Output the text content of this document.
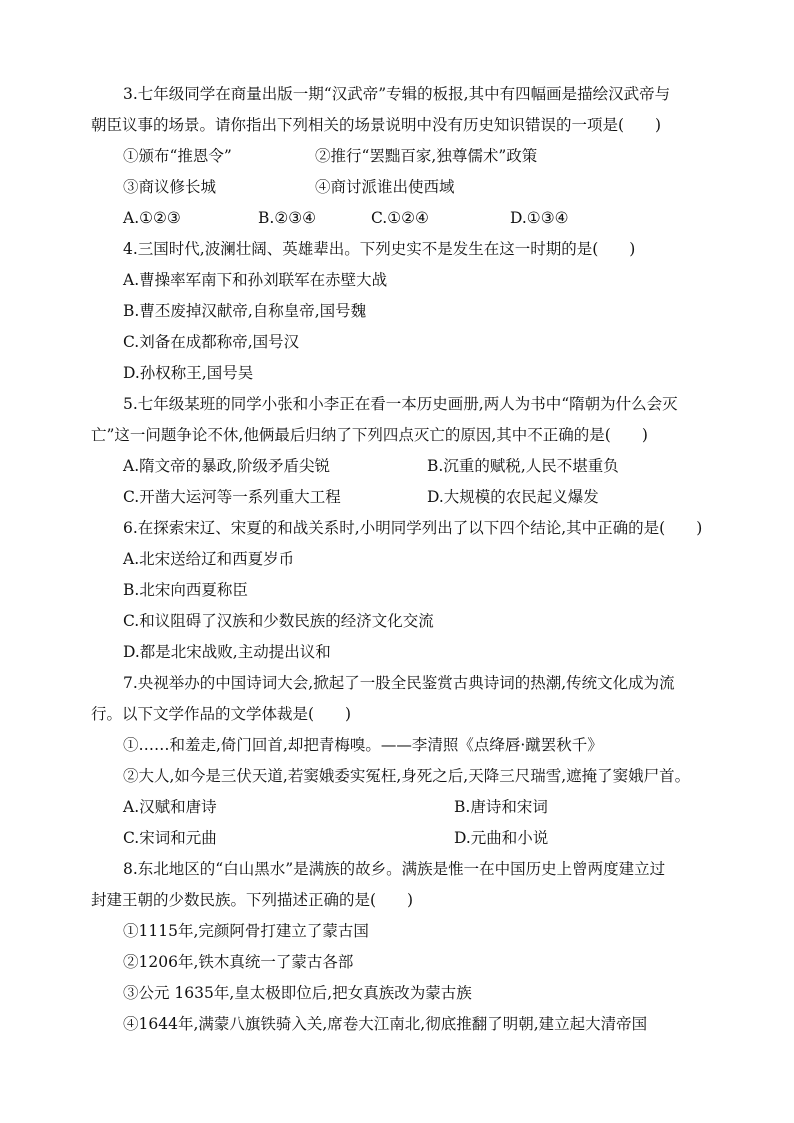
3.七年级同学在商量出版一期“汉武帝”专辑的板报,其中有四幅画是描绘汉武帝与
朝臣议事的场景。请你指出下列相关的场景说明中没有历史知识错误的一项是(　　)
①颁布“推恩令”	②推行“罢黜百家,独尊儒术”政策
③商议修长城	④商讨派谁出使西域
A.①②③	B.②③④	C.①②④	D.①③④
4.三国时代,波澜壮阔、英雄辈出。下列史实不是发生在这一时期的是(　　)
A.曹操率军南下和孙刘联军在赤壁大战
B.曹丕废掉汉献帝,自称皇帝,国号魏
C.刘备在成都称帝,国号汉
D.孙权称王,国号吴
5.七年级某班的同学小张和小李正在看一本历史画册,两人为书中“隋朝为什么会灭
亡”这一问题争论不休,他俩最后归纳了下列四点灭亡的原因,其中不正确的是(　　)
A.隋文帝的暴政,阶级矛盾尖锐	B.沉重的赋税,人民不堪重负
C.开凿大运河等一系列重大工程	D.大规模的农民起义爆发
6.在探索宋辽、宋夏的和战关系时,小明同学列出了以下四个结论,其中正确的是(　　)
A.北宋送给辽和西夏岁币
B.北宋向西夏称臣
C.和议阻碍了汉族和少数民族的经济文化交流
D.都是北宋战败,主动提出议和
7.央视举办的中国诗词大会,掀起了一股全民鉴赏古典诗词的热潮,传统文化成为流
行。以下文学作品的文学体裁是(　　)
①……和羞走,倚门回首,却把青梅嗅。——李清照《点绛唇·蹴罢秋千》
②大人,如今是三伏天道,若窦娥委实冤枉,身死之后,天降三尺瑞雪,遮掩了窦娥尸首。
A.汉赋和唐诗	B.唐诗和宋词
C.宋词和元曲	D.元曲和小说
8.东北地区的“白山黑水”是满族的故乡。满族是惟一在中国历史上曾两度建立过
封建王朝的少数民族。下列描述正确的是(　　)
①1115年,完颜阿骨打建立了蒙古国
②1206年,铁木真统一了蒙古各部
③公元 1635年,皇太极即位后,把女真族改为蒙古族
④1644年,满蒙八旗铁骑入关,席卷大江南北,彻底推翻了明朝,建立起大清帝国
